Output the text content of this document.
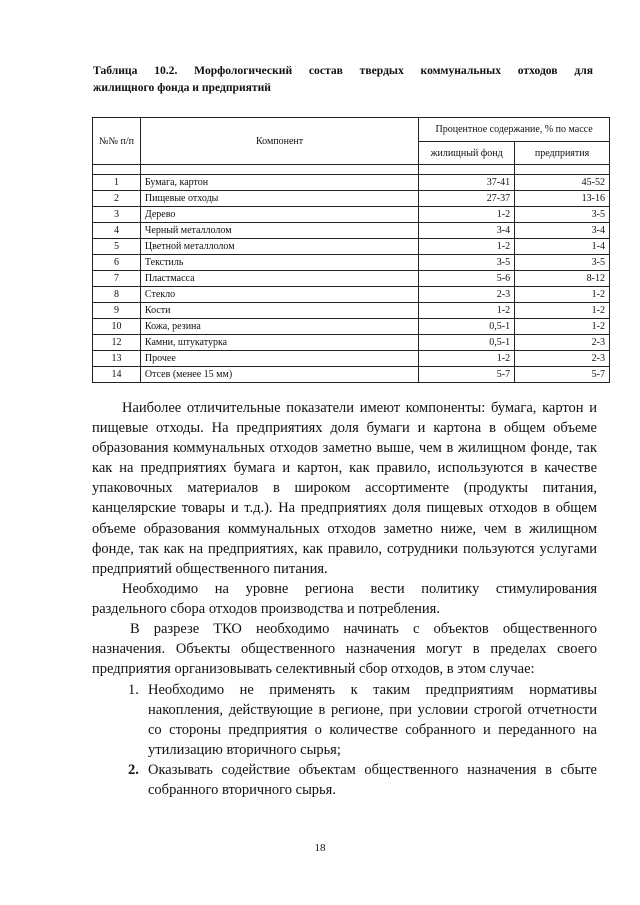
Таблица 10.2. Морфологический состав твердых коммунальных отходов для
жилищного фонда и предприятий
№№ п/п	Компонент	Процентное содержание, % по массе	
		жилищный фонд	предприятия

1	Бумага, картон	37-41	45-52
2	Пищевые отходы	27-37	13-16
3	Дерево	1-2	3-5
4	Черный металлолом	3-4	3-4
5	Цветной металлолом	1-2	1-4
6	Текстиль	3-5	3-5
7	Пластмасса	5-6	8-12
8	Стекло	2-3	1-2
9	Кости	1-2	1-2
10	Кожа, резина	0,5-1	1-2
12	Камни, штукатурка	0,5-1	2-3
13	Прочее	1-2	2-3
14	Отсев (менее 15 мм)	5-7	5-7

Наиболее отличительные показатели имеют компоненты: бумага, картон и пищевые отходы. На предприятиях доля бумаги и картона в общем объеме образования коммунальных отходов заметно выше, чем в жилищном фонде, так как на предприятиях бумага и картон, как правило, используются в качестве упаковочных материалов в широком ассортименте (продукты питания, канцелярские товары и т.д.). На предприятиях доля пищевых отходов в общем объеме образования коммунальных отходов заметно ниже, чем в жилищном фонде, так как на предприятиях, как правило, сотрудники пользуются услугами предприятий общественного питания.

Необходимо на уровне региона вести политику стимулирования раздельного сбора отходов производства и потребления.

В разрезе ТКО необходимо начинать с объектов общественного назначения. Объекты общественного назначения могут в пределах своего предприятия организовывать селективный сбор отходов, в этом случае:

1. Необходимо не применять к таким предприятиям нормативы накопления, действующие в регионе, при условии строгой отчетности со стороны предприятия о количестве собранного и переданного на утилизацию вторичного сырья;
2. Оказывать содействие объектам общественного назначения в сбыте собранного вторичного сырья.
18
